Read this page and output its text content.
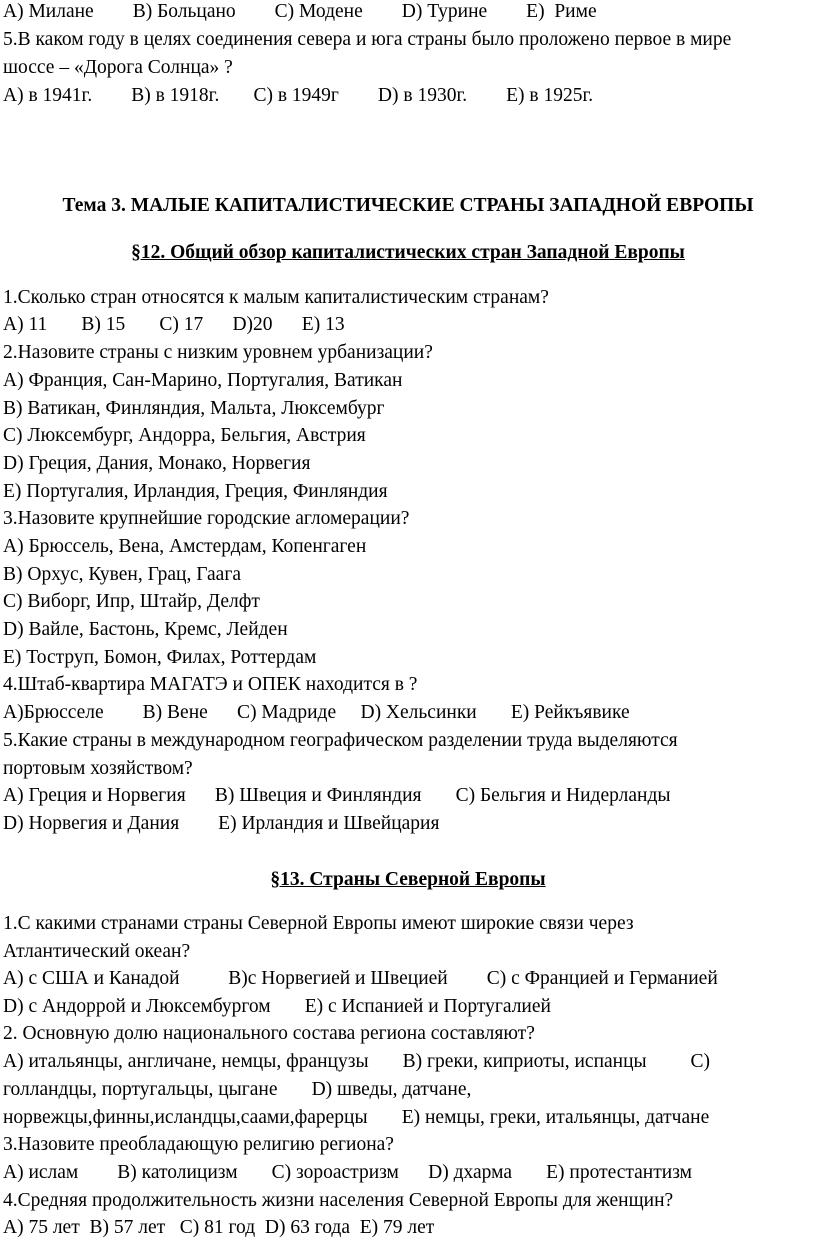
А) Милане        В) Больцано        С) Модене        D) Турине        Е)  Риме
5.В каком году в целях соединения севера и юга страны было проложено первое в мире
шоссе – «Дорога Солнца» ?
А) в 1941г.        В) в 1918г.       С) в 1949г        D) в 1930г.        Е) в 1925г.
Тема 3. МАЛЫЕ КАПИТАЛИСТИЧЕСКИЕ СТРАНЫ ЗАПАДНОЙ ЕВРОПЫ
§12. Общий обзор капиталистических стран Западной Европы
1.Сколько стран относятся к малым капиталистическим странам?
А) 11       В) 15       С) 17      D)20      Е) 13
2.Назовите страны с низким уровнем урбанизации?
А) Франция, Сан-Марино, Португалия, Ватикан
В) Ватикан, Финляндия, Мальта, Люксембург
С) Люксембург, Андорра, Бельгия, Австрия
D) Греция, Дания, Монако, Норвегия
Е) Португалия, Ирландия, Греция, Финляндия
3.Назовите крупнейшие городские агломерации?
А) Брюссель, Вена, Амстердам, Копенгаген
В) Орхус, Кувен, Грац, Гаага
С) Виборг, Ипр, Штайр, Делфт
D) Вайле, Бастонь, Кремс, Лейден
Е) Тоструп, Бомон, Филах, Роттердам
4.Штаб-квартира МАГАТЭ и ОПЕК находится в ?
А)Брюсселе        В) Вене      С) Мадриде     D) Хельсинки       Е) Рейкъявике
5.Какие страны в международном географическом разделении труда выделяются
портовым хозяйством?
А) Греция и Норвегия      В) Швеция и Финляндия       С) Бельгия и Нидерланды
D) Норвегия и Дания        Е) Ирландия и Швейцария
§13. Страны Северной Европы
1.С какими странами страны Северной Европы имеют широкие связи через
Атлантический океан?
А) с США и Канадой          В)с Норвегией и Швецией        С) с Францией и Германией
D) с Андоррой и Люксембургом       Е) с Испанией и Португалией
2. Основную долю национального состава региона составляют?
А) итальянцы, англичане, немцы, французы       В) греки, киприоты, испанцы         С)
голландцы, португальцы, цыгане       D) шведы, датчане,
норвежцы,финны,исландцы,саами,фарерцы       Е) немцы, греки, итальянцы, датчане
3.Назовите преобладающую религию региона?
А) ислам        В) католицизм       С) зороастризм      D) дхарма       Е) протестантизм
4.Средняя продолжительность жизни населения Северной Европы для женщин?
А) 75 лет  В) 57 лет   С) 81 год  D) 63 года  Е) 79 лет
